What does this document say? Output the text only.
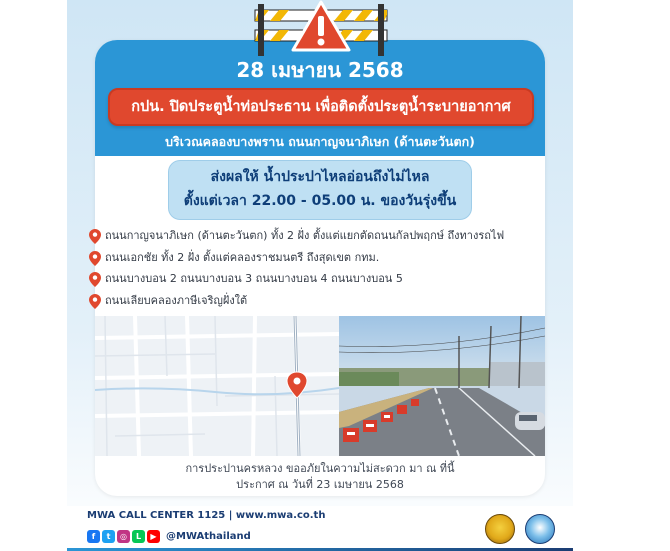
28 เมษายน 2568
กปน. ปิดประตูน้ำท่อประธาน เพื่อติดตั้งประตูน้ำระบายอากาศ
บริเวณคลองบางพราน ถนนกาญจนาภิเษก (ด้านตะวันตก)
ส่งผลให้ น้ำประปาไหลอ่อนถึงไม่ไหล
ตั้งแต่เวลา 22.00 - 05.00 น. ของวันรุ่งขึ้น
ถนนกาญจนาภิเษก (ด้านตะวันตก) ทั้ง 2 ฝั่ง ตั้งแต่แยกตัดถนนกัลปพฤกษ์ ถึงทางรถไฟ
ถนนเอกชัย ทั้ง 2 ฝั่ง ตั้งแต่คลองราชมนตรี ถึงสุดเขต กทม.
ถนนบางบอน 2 ถนนบางบอน 3 ถนนบางบอน 4 ถนนบางบอน 5
ถนนเลียบคลองภาษีเจริญฝั่งใต้
การประปานครหลวง ขออภัยในความไม่สะดวก มา ณ ที่นี้
ประกาศ ณ วันที่ 23 เมษายน 2568
MWA CALL CENTER 1125 | www.mwa.co.th
f	t	◎	L	▶ @MWAthailand
